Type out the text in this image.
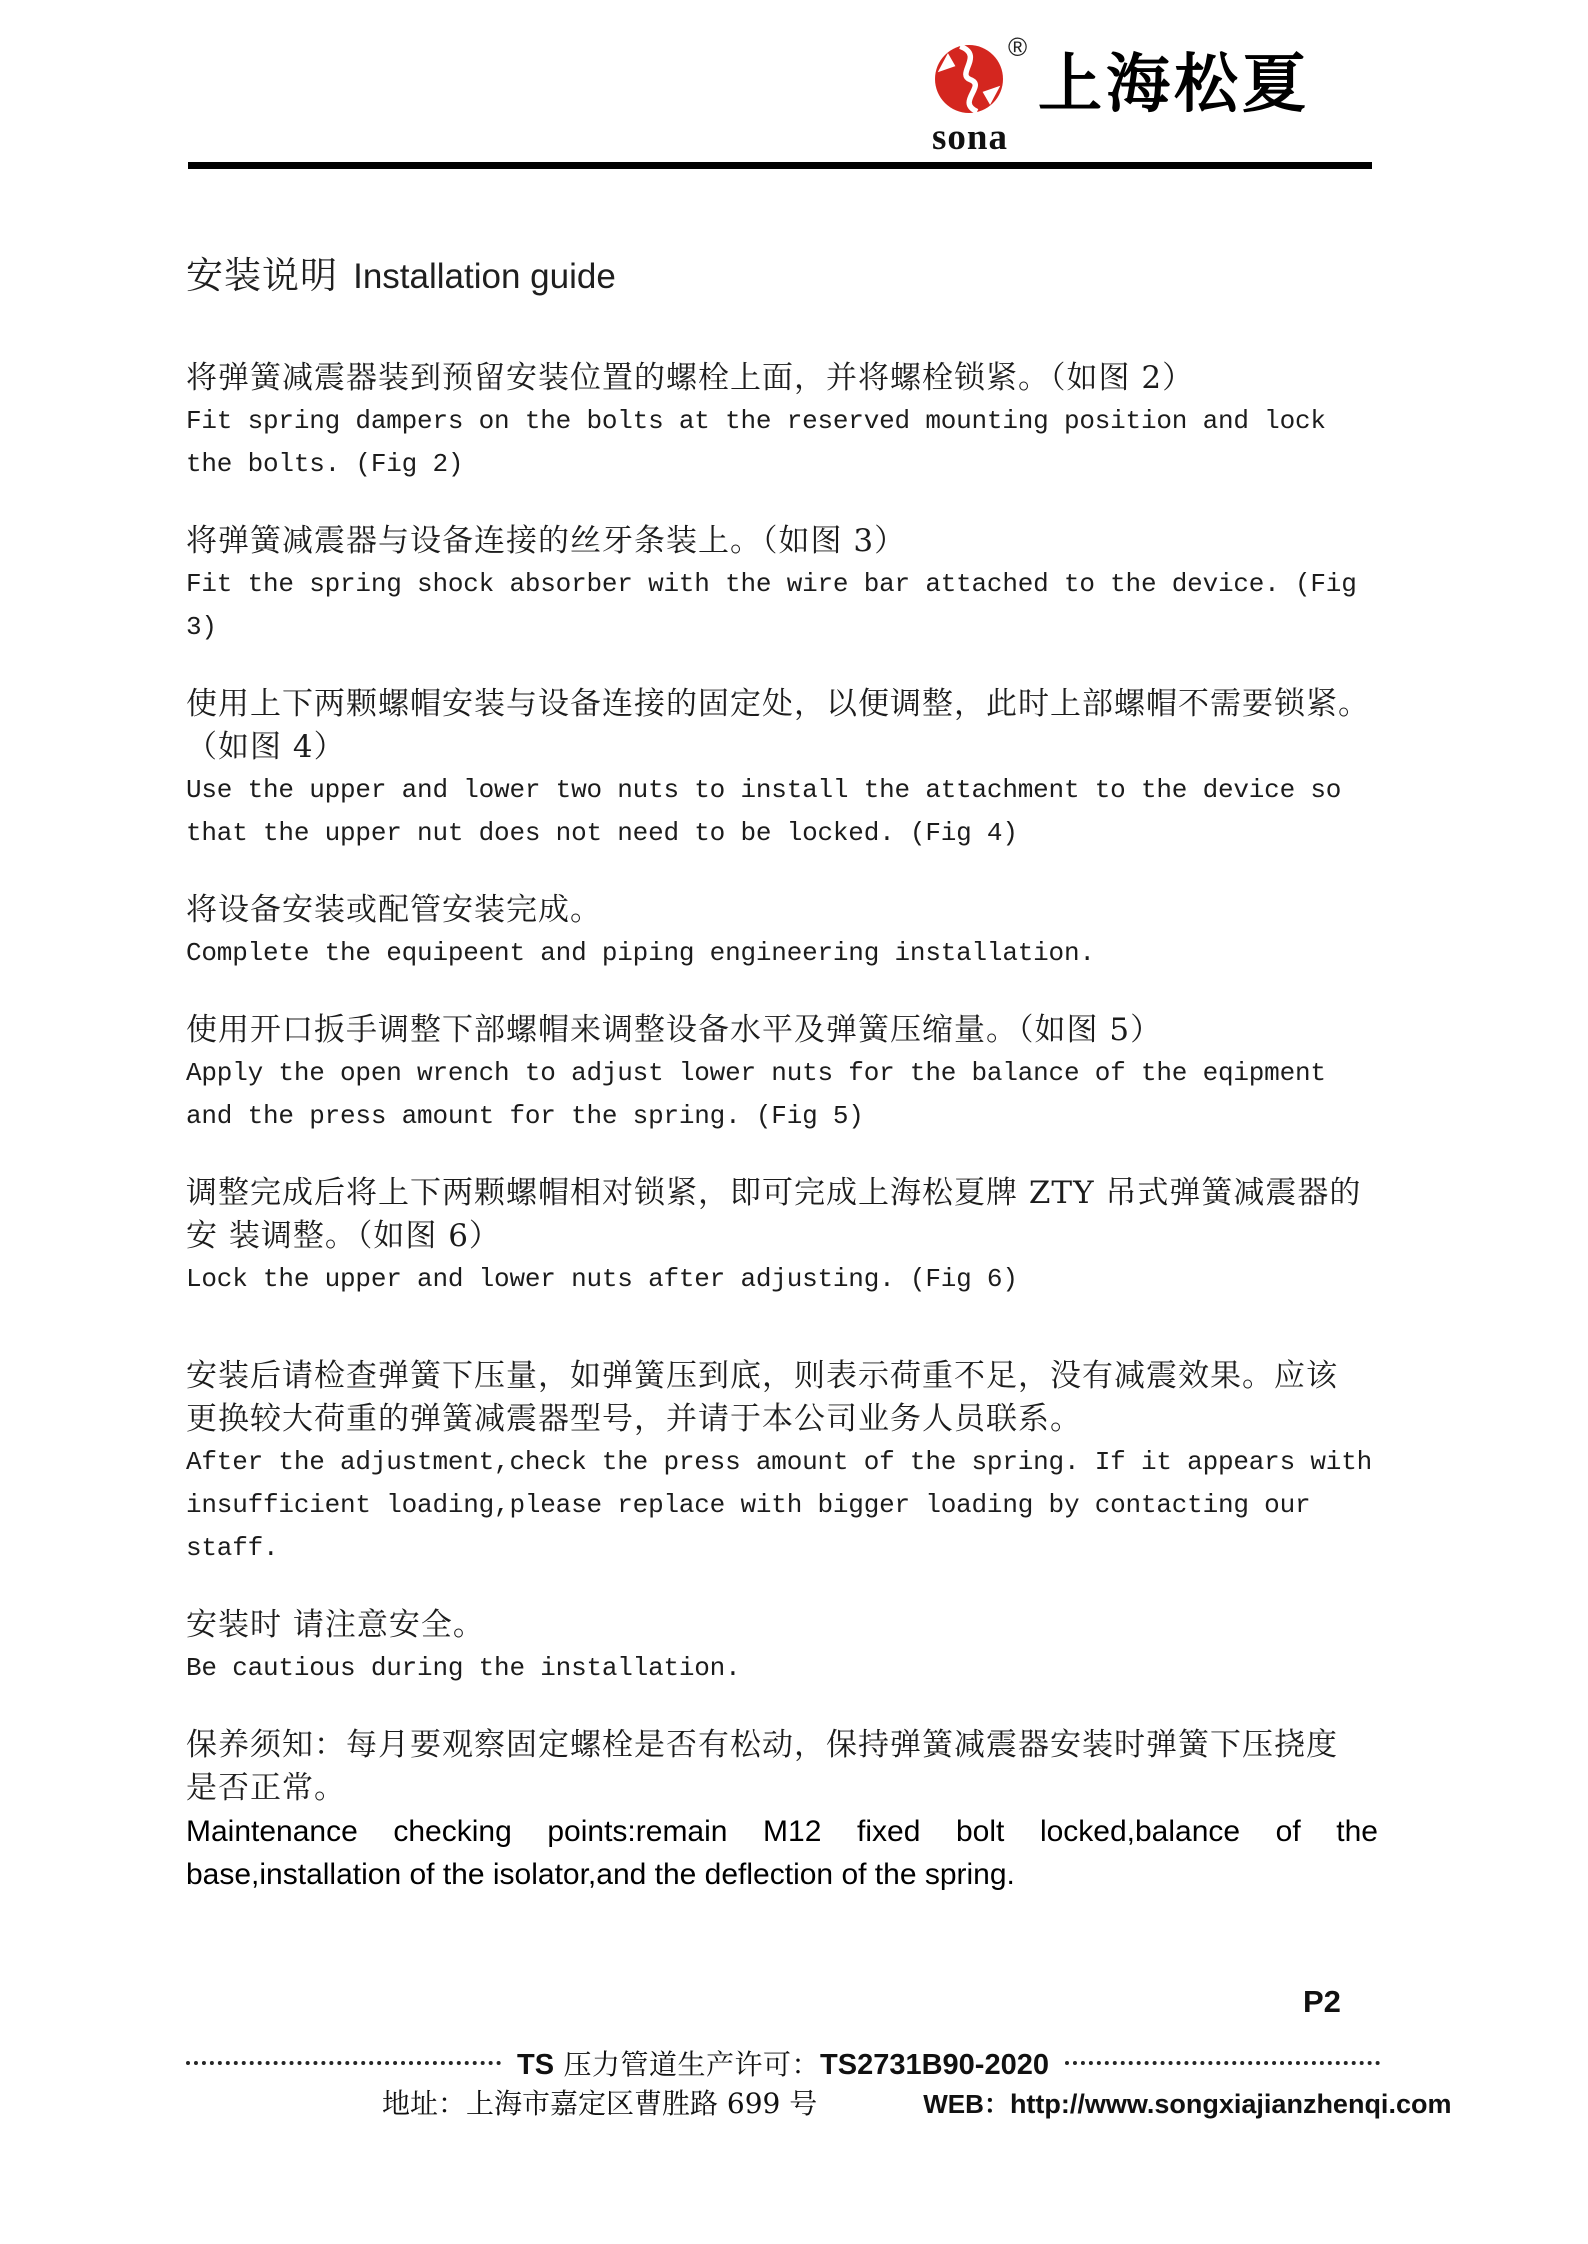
®
sona
上海松夏
安装说明 Installation guide
将弹簧减震器装到预留安装位置的螺栓上面，并将螺栓锁紧。（如图 2）
Fit spring dampers on the bolts at the reserved mounting position and lock
the bolts. (Fig 2)
将弹簧减震器与设备连接的丝牙条装上。（如图 3）
Fit the spring shock absorber with the wire bar attached to the device. (Fig
3)
使用上下两颗螺帽安装与设备连接的固定处，以便调整，此时上部螺帽不需要锁紧。
（如图 4）
Use the upper and lower two nuts to install the attachment to the device so
that the upper nut does not need to be locked. (Fig 4)
将设备安装或配管安装完成。
Complete the equipeent and piping engineering installation.
使用开口扳手调整下部螺帽来调整设备水平及弹簧压缩量。（如图 5）
Apply the open wrench to adjust lower nuts for the balance of the eqipment
and the press amount for the spring. (Fig 5)
调整完成后将上下两颗螺帽相对锁紧，即可完成上海松夏牌 ZTY 吊式弹簧减震器的
安 装调整。（如图 6）
Lock the upper and lower nuts after adjusting. (Fig 6)
安装后请检查弹簧下压量，如弹簧压到底，则表示荷重不足，没有减震效果。应该
更换较大荷重的弹簧减震器型号，并请于本公司业务人员联系。
After the adjustment,check the press amount of the spring. If it appears with
insufficient loading,please replace with bigger loading by contacting our
staff.
安装时 请注意安全。
Be cautious during the installation.
保养须知：每月要观察固定螺栓是否有松动，保持弹簧减震器安装时弹簧下压挠度
是否正常。
Maintenance checking points:remain M12 fixed bolt locked,balance of the
base,installation of the isolator,and the deflection of the spring.
P2
TS 压力管道生产许可：TS2731B90-2020
地址：上海市嘉定区曹胜路 699 号	WEB：http://www.songxiajianzhenqi.com
